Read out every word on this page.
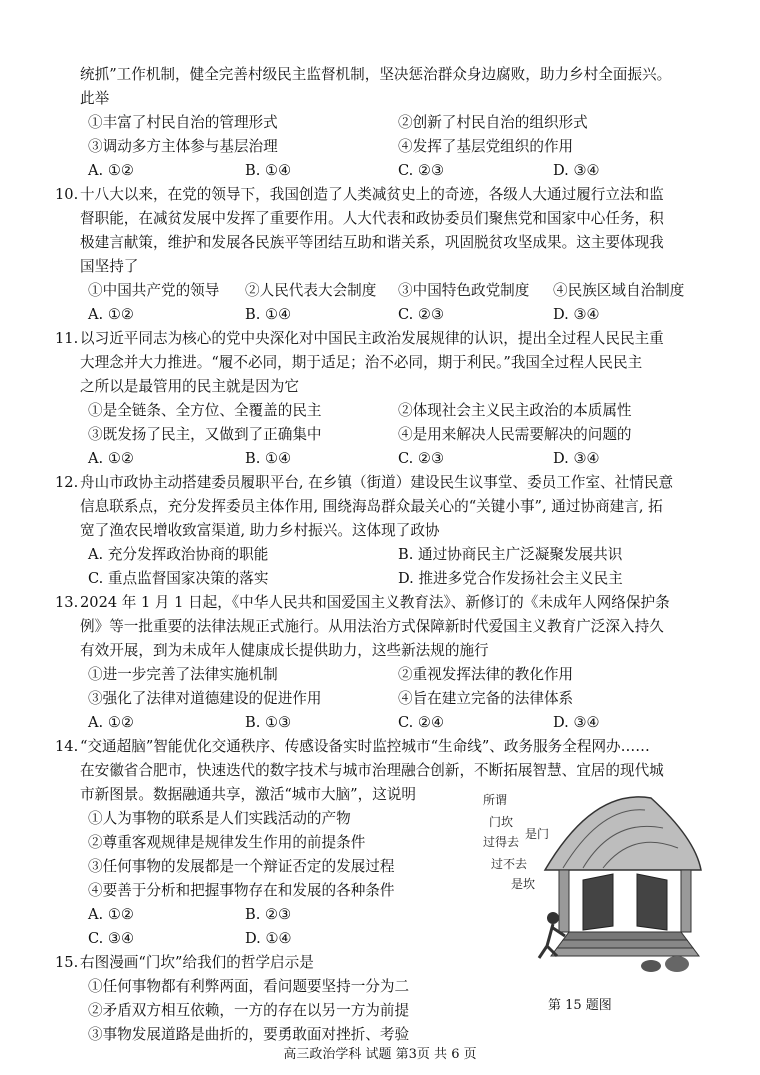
统抓”工作机制，健全完善村级民主监督机制，坚决惩治群众身边腐败，助力乡村全面振兴。
此举
①丰富了村民自治的管理形式	②创新了村民自治的组织形式
③调动多方主体参与基层治理	④发挥了基层党组织的作用
A. ①②	B. ①④	C. ②③	D. ③④
10. 十八大以来，在党的领导下，我国创造了人类减贫史上的奇迹，各级人大通过履行立法和监
督职能，在减贫发展中发挥了重要作用。人大代表和政协委员们聚焦党和国家中心任务，积
极建言献策，维护和发展各民族平等团结互助和谐关系，巩固脱贫攻坚成果。这主要体现我
国坚持了
①中国共产党的领导 ②人民代表大会制度 ③中国特色政党制度 ④民族区域自治制度
A. ①②	B. ①④	C. ②③	D. ③④
11. 以习近平同志为核心的党中央深化对中国民主政治发展规律的认识，提出全过程人民民主重
大理念并大力推进。“履不必同，期于适足；治不必同，期于利民。”我国全过程人民民主
之所以是最管用的民主就是因为它
①是全链条、全方位、全覆盖的民主	②体现社会主义民主政治的本质属性
③既发扬了民主，又做到了正确集中	④是用来解决人民需要解决的问题的
A. ①②	B. ①④	C. ②③	D. ③④
12. 舟山市政协主动搭建委员履职平台, 在乡镇（街道）建设民生议事堂、委员工作室、社情民意
信息联系点，充分发挥委员主体作用, 围绕海岛群众最关心的“关键小事”, 通过协商建言, 拓
宽了渔农民增收致富渠道, 助力乡村振兴。这体现了政协
A. 充分发挥政治协商的职能	B. 通过协商民主广泛凝聚发展共识
C. 重点监督国家决策的落实	D. 推进多党合作发扬社会主义民主
13. 2024 年 1 月 1 日起，《中华人民共和国爱国主义教育法》、新修订的《未成年人网络保护条
例》等一批重要的法律法规正式施行。从用法治方式保障新时代爱国主义教育广泛深入持久
有效开展，到为未成年人健康成长提供助力，这些新法规的施行
①进一步完善了法律实施机制	②重视发挥法律的教化作用
③强化了法律对道德建设的促进作用	④旨在建立完备的法律体系
A. ①②	B. ①③	C. ②④	D. ③④
14. “交通超脑”智能优化交通秩序、传感设备实时监控城市“生命线”、政务服务全程网办……
在安徽省合肥市，快速迭代的数字技术与城市治理融合创新，不断拓展智慧、宜居的现代城
市新图景。数据融通共享，激活“城市大脑”，这说明
①人为事物的联系是人们实践活动的产物
②尊重客观规律是规律发生作用的前提条件
③任何事物的发展都是一个辩证否定的发展过程
④要善于分析和把握事物存在和发展的各种条件
A. ①②	B. ②③
C. ③④	D. ①④
15. 右图漫画“门坎”给我们的哲学启示是
①任何事物都有利弊两面，看问题要坚持一分为二
②矛盾双方相互依赖，一方的存在以另一方为前提
③事物发展道路是曲折的，要勇敢面对挫折、考验
所谓
门坎
过得去
是门
过不去
是坎
第 15 题图
高三政治学科 试题 第3页 共 6 页
